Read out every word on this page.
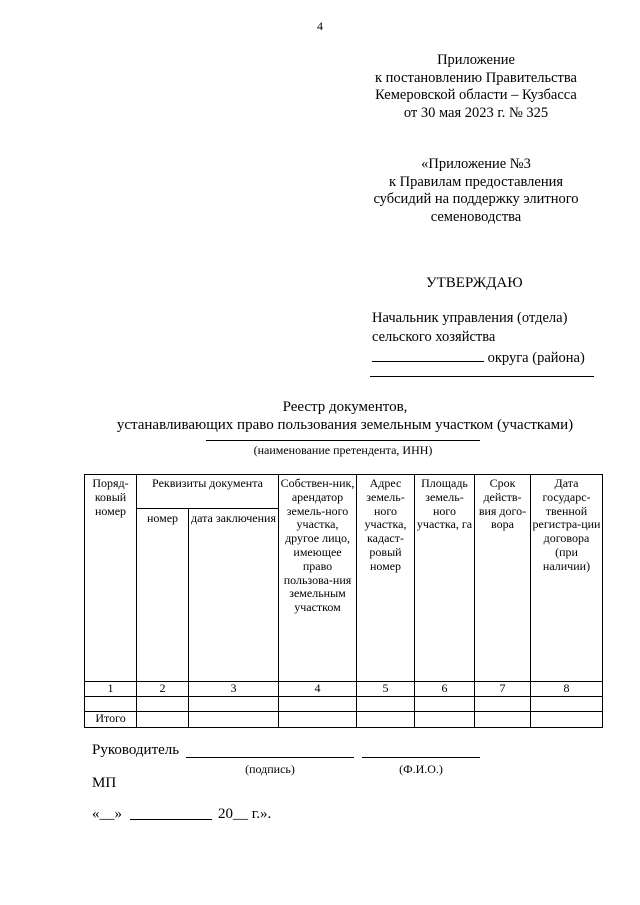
4
Приложение
к постановлению Правительства
Кемеровской области – Кузбасса
от 30 мая 2023 г. № 325
«Приложение №3
к Правилам предоставления
субсидий на поддержку элитного
семеноводства
УТВЕРЖДАЮ
Начальник управления (отдела)
сельского хозяйства
округа (района)
Реестр документов,
устанавливающих право пользования земельным участком (участками)
(наименование претендента, ИНН)
Поряд-ковый номер	Реквизиты документа		Собствен-ник, арендатор земель-ного участка, другое лицо, имеющее право пользова-ния земельным участком	Адрес земель-ного участка, кадаст-ровый номер	Площадь земель-ного участка, га	Срок действ-вия дого-вора	Дата государс-твенной регистра-ции договора (при наличии)
	номер	дата заключения					
1	2	3	4	5	6	7	8

Итого							
Руководитель
(подпись)	(Ф.И.О.)
МП
«__»	20__ г.».
